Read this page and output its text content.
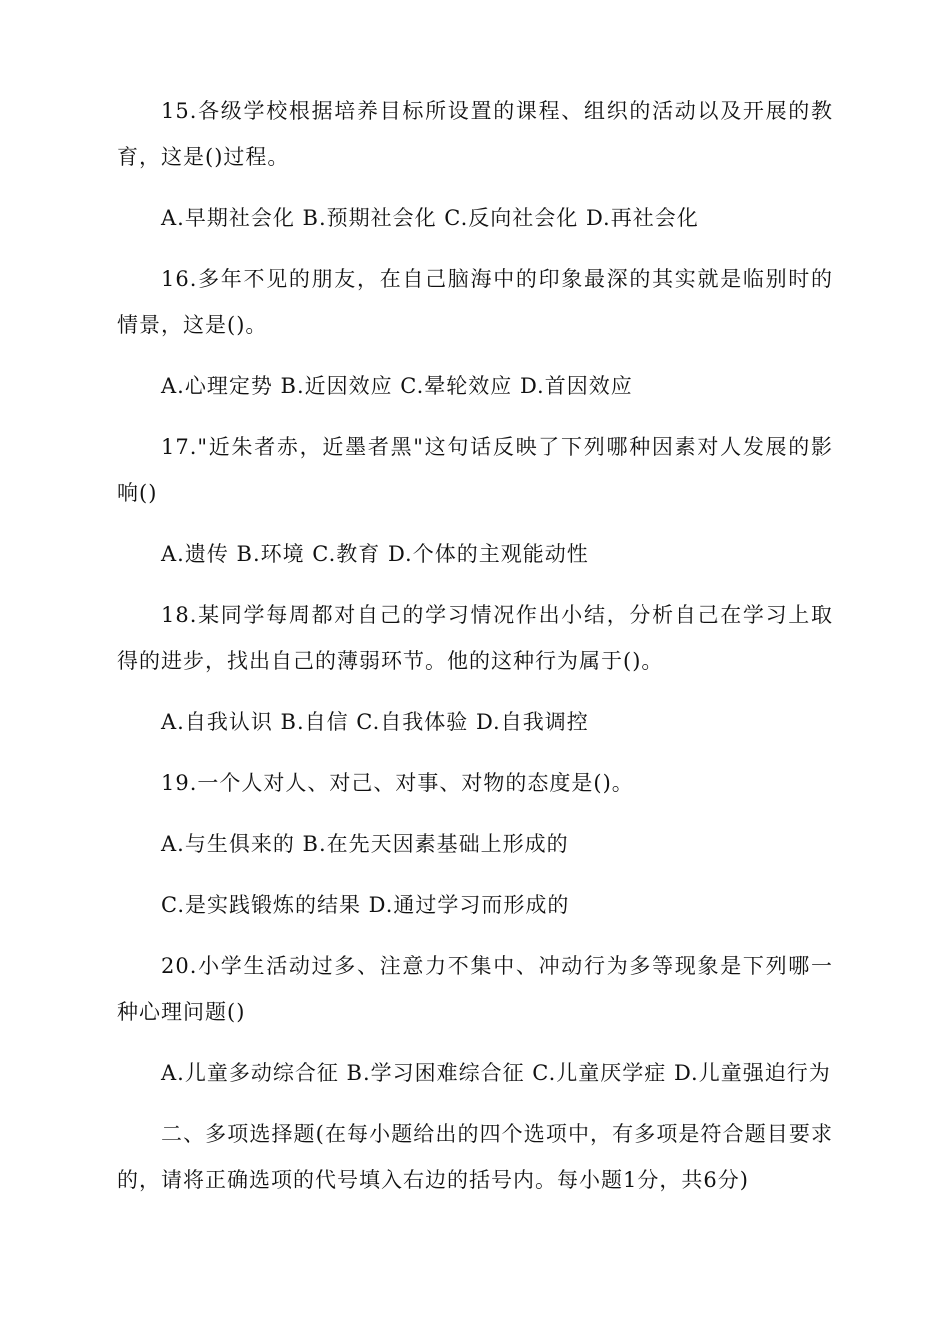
15.各级学校根据培养目标所设置的课程、组织的活动以及开展的教育，这是()过程。

A.早期社会化 B.预期社会化 C.反向社会化 D.再社会化

16.多年不见的朋友，在自己脑海中的印象最深的其实就是临别时的情景，这是()。

A.心理定势 B.近因效应 C.晕轮效应 D.首因效应

17."近朱者赤，近墨者黑"这句话反映了下列哪种因素对人发展的影响()

A.遗传 B.环境 C.教育 D.个体的主观能动性

18.某同学每周都对自己的学习情况作出小结，分析自己在学习上取得的进步，找出自己的薄弱环节。他的这种行为属于()。

A.自我认识 B.自信 C.自我体验 D.自我调控

19.一个人对人、对己、对事、对物的态度是()。

A.与生俱来的 B.在先天因素基础上形成的

C.是实践锻炼的结果 D.通过学习而形成的

20.小学生活动过多、注意力不集中、冲动行为多等现象是下列哪一种心理问题()

A.儿童多动综合征 B.学习困难综合征 C.儿童厌学症 D.儿童强迫行为

二、多项选择题(在每小题给出的四个选项中，有多项是符合题目要求的，请将正确选项的代号填入右边的括号内。每小题1分，共6分)
